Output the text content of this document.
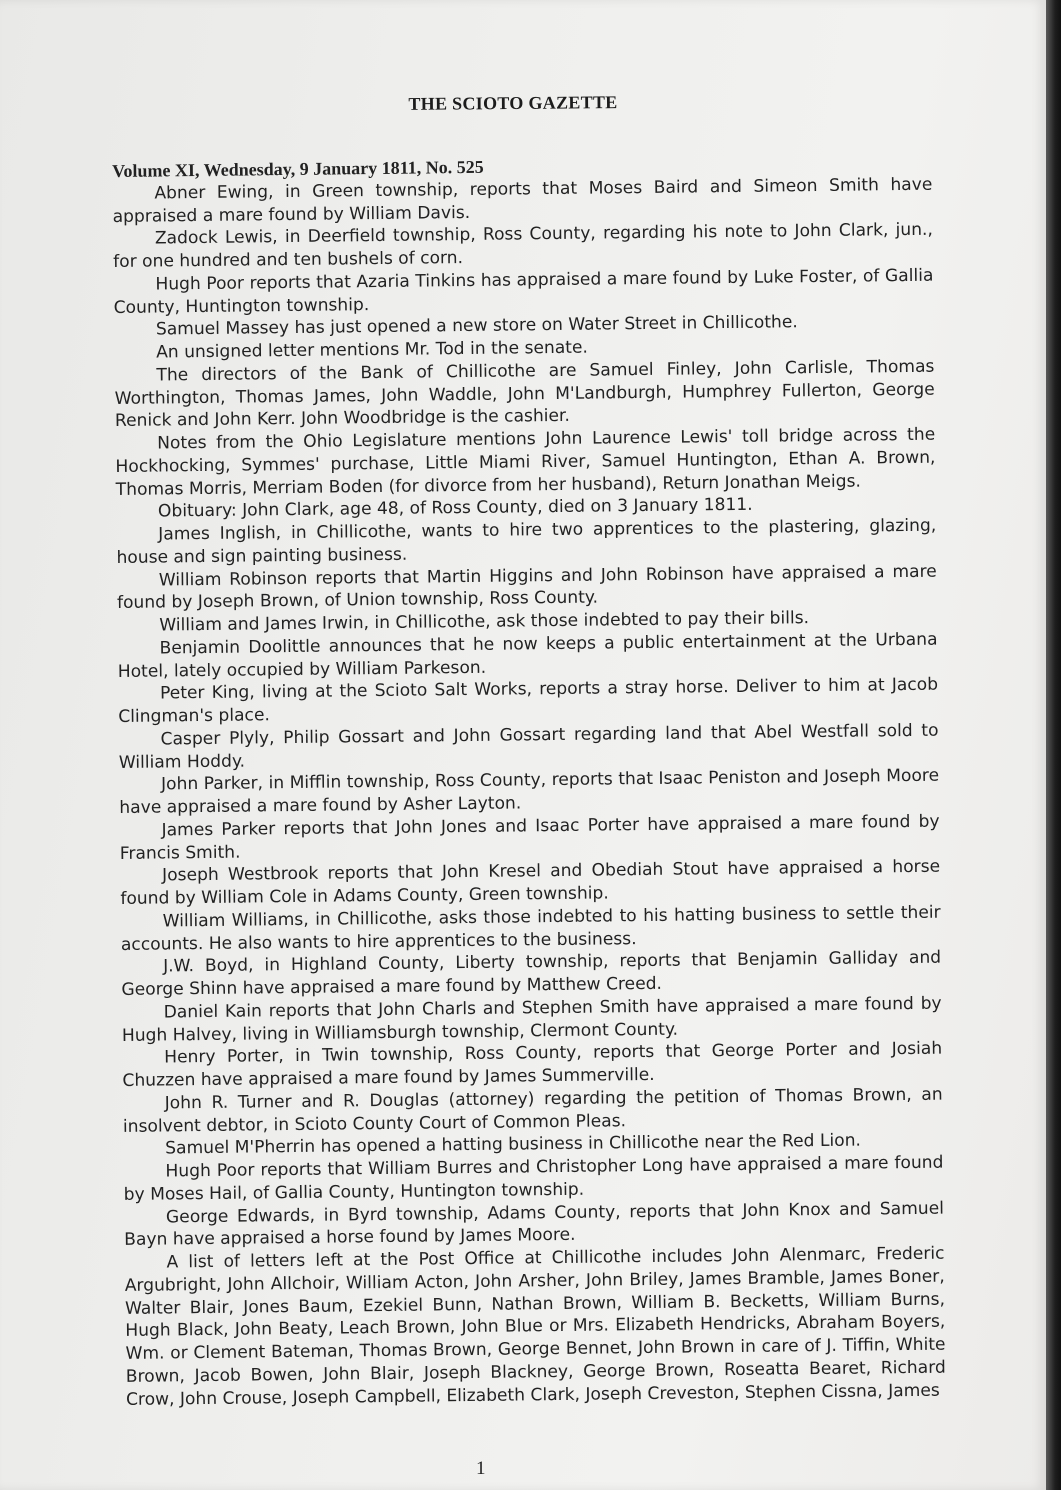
THE SCIOTO GAZETTE

Volume XI, Wednesday, 9 January 1811, No. 525

Abner Ewing, in Green township, reports that Moses Baird and Simeon Smith have appraised a mare found by William Davis.

Zadock Lewis, in Deerfield township, Ross County, regarding his note to John Clark, jun., for one hundred and ten bushels of corn.

Hugh Poor reports that Azaria Tinkins has appraised a mare found by Luke Foster, of Gallia County, Huntington township.

Samuel Massey has just opened a new store on Water Street in Chillicothe.

An unsigned letter mentions Mr. Tod in the senate.

The directors of the Bank of Chillicothe are Samuel Finley, John Carlisle, Thomas Worthington, Thomas James, John Waddle, John M'Landburgh, Humphrey Fullerton, George Renick and John Kerr. John Woodbridge is the cashier.

Notes from the Ohio Legislature mentions John Laurence Lewis' toll bridge across the Hockhocking, Symmes' purchase, Little Miami River, Samuel Huntington, Ethan A. Brown, Thomas Morris, Merriam Boden (for divorce from her husband), Return Jonathan Meigs.

Obituary: John Clark, age 48, of Ross County, died on 3 January 1811.

James Inglish, in Chillicothe, wants to hire two apprentices to the plastering, glazing, house and sign painting business.

William Robinson reports that Martin Higgins and John Robinson have appraised a mare found by Joseph Brown, of Union township, Ross County.

William and James Irwin, in Chillicothe, ask those indebted to pay their bills.

Benjamin Doolittle announces that he now keeps a public entertainment at the Urbana Hotel, lately occupied by William Parkeson.

Peter King, living at the Scioto Salt Works, reports a stray horse. Deliver to him at Jacob Clingman's place.

Casper Plyly, Philip Gossart and John Gossart regarding land that Abel Westfall sold to William Hoddy.

John Parker, in Mifflin township, Ross County, reports that Isaac Peniston and Joseph Moore have appraised a mare found by Asher Layton.

James Parker reports that John Jones and Isaac Porter have appraised a mare found by Francis Smith.

Joseph Westbrook reports that John Kresel and Obediah Stout have appraised a horse found by William Cole in Adams County, Green township.

William Williams, in Chillicothe, asks those indebted to his hatting business to settle their accounts. He also wants to hire apprentices to the business.

J.W. Boyd, in Highland County, Liberty township, reports that Benjamin Galliday and George Shinn have appraised a mare found by Matthew Creed.

Daniel Kain reports that John Charls and Stephen Smith have appraised a mare found by Hugh Halvey, living in Williamsburgh township, Clermont County.

Henry Porter, in Twin township, Ross County, reports that George Porter and Josiah Chuzzen have appraised a mare found by James Summerville.

John R. Turner and R. Douglas (attorney) regarding the petition of Thomas Brown, an insolvent debtor, in Scioto County Court of Common Pleas.

Samuel M'Pherrin has opened a hatting business in Chillicothe near the Red Lion.

Hugh Poor reports that William Burres and Christopher Long have appraised a mare found by Moses Hail, of Gallia County, Huntington township.

George Edwards, in Byrd township, Adams County, reports that John Knox and Samuel Bayn have appraised a horse found by James Moore.

A list of letters left at the Post Office at Chillicothe includes John Alenmarc, Frederic Argubright, John Allchoir, William Acton, John Arsher, John Briley, James Bramble, James Boner, Walter Blair, Jones Baum, Ezekiel Bunn, Nathan Brown, William B. Becketts, William Burns, Hugh Black, John Beaty, Leach Brown, John Blue or Mrs. Elizabeth Hendricks, Abraham Boyers, Wm. or Clement Bateman, Thomas Brown, George Bennet, John Brown in care of J. Tiffin, White Brown, Jacob Bowen, John Blair, Joseph Blackney, George Brown, Roseatta Bearet, Richard Crow, John Crouse, Joseph Campbell, Elizabeth Clark, Joseph Creveston, Stephen Cissna, James

1
